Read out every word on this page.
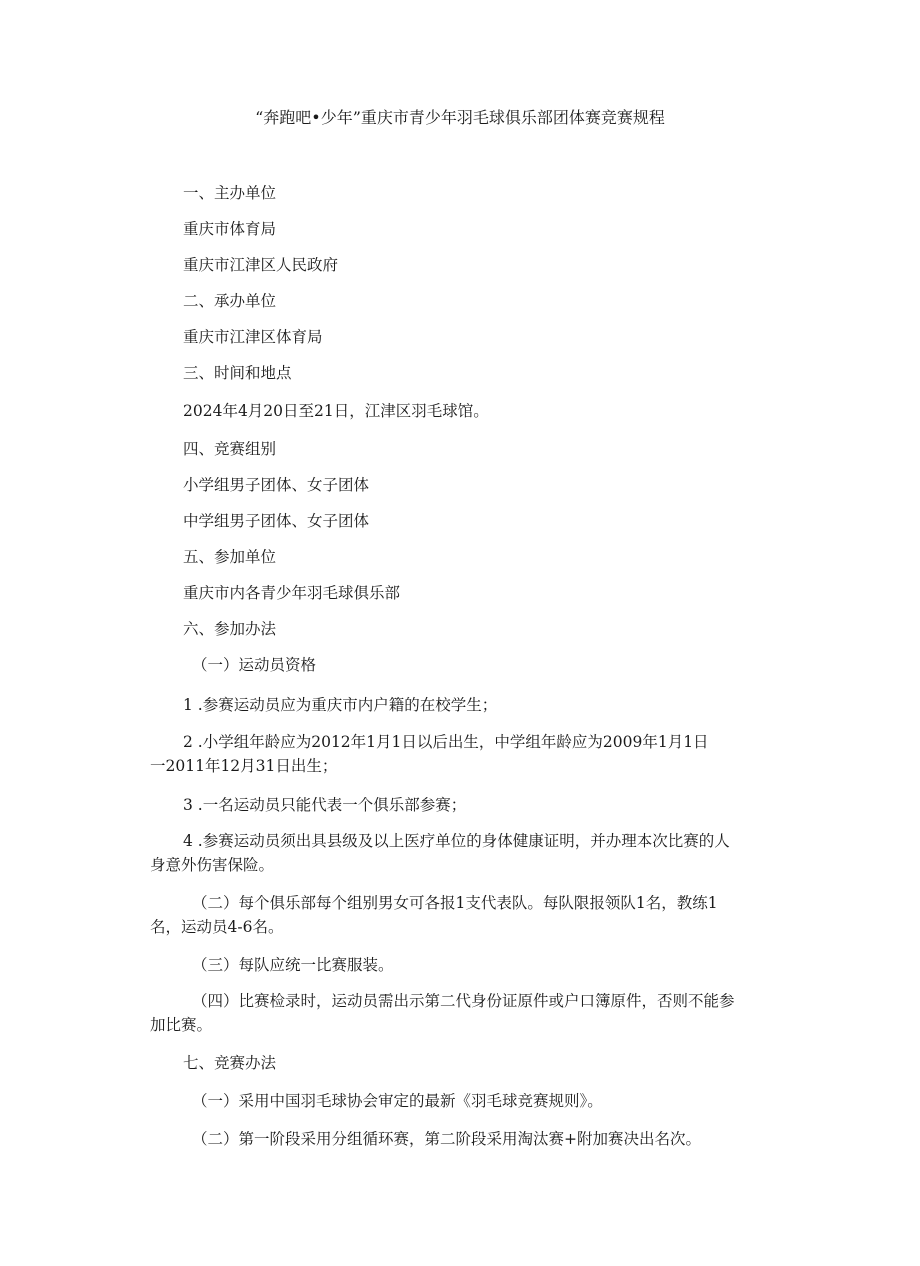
“奔跑吧•少年”重庆市青少年羽毛球俱乐部团体赛竞赛规程
一、主办单位
重庆市体育局
重庆市江津区人民政府
二、承办单位
重庆市江津区体育局
三、时间和地点
2024年4月20日至21日，江津区羽毛球馆。
四、竞赛组别
小学组男子团体、女子团体
中学组男子团体、女子团体
五、参加单位
重庆市内各青少年羽毛球俱乐部
六、参加办法
（一）运动员资格
1 .参赛运动员应为重庆市内户籍的在校学生；
2 .小学组年龄应为2012年1月1日以后出生，中学组年龄应为2009年1月1日
一2011年12月31日出生；
3 .一名运动员只能代表一个俱乐部参赛；
4 .参赛运动员须出具县级及以上医疗单位的身体健康证明，并办理本次比赛的人
身意外伤害保险。
（二）每个俱乐部每个组别男女可各报1支代表队。每队限报领队1名，教练1
名，运动员4-6名。
（三）每队应统一比赛服装。
（四）比赛检录时，运动员需出示第二代身份证原件或户口簿原件，否则不能参
加比赛。
七、竞赛办法
（一）采用中国羽毛球协会审定的最新《羽毛球竞赛规则》。
（二）第一阶段采用分组循环赛，第二阶段采用淘汰赛+附加赛决出名次。
